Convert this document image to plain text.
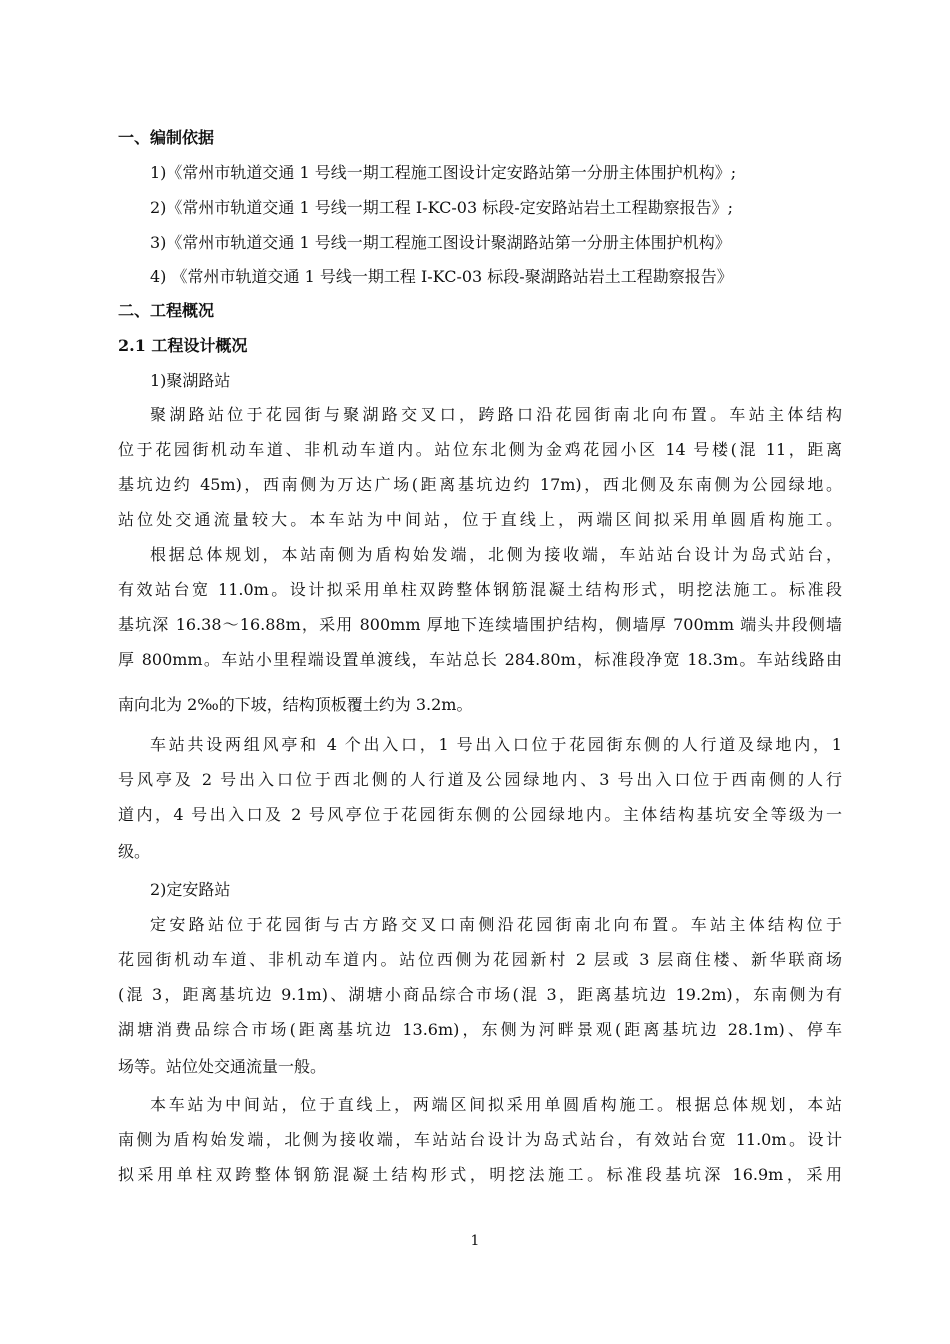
一、编制依据
1)《常州市轨道交通 1 号线一期工程施工图设计定安路站第一分册主体围护机构》;
2)《常州市轨道交通 1 号线一期工程 I-KC-03 标段-定安路站岩土工程勘察报告》;
3)《常州市轨道交通 1 号线一期工程施工图设计聚湖路站第一分册主体围护机构》
4) 《常州市轨道交通 1 号线一期工程 I-KC-03 标段-聚湖路站岩土工程勘察报告》
二、工程概况
2.1 工程设计概况
1)聚湖路站
聚湖路站位于花园街与聚湖路交叉口，跨路口沿花园街南北向布置。车站主体结构
位于花园街机动车道、非机动车道内。站位东北侧为金鸡花园小区 14 号楼(混 11，距离
基坑边约 45m)，西南侧为万达广场(距离基坑边约 17m)，西北侧及东南侧为公园绿地。
站位处交通流量较大。本车站为中间站，位于直线上，两端区间拟采用单圆盾构施工。
根据总体规划，本站南侧为盾构始发端，北侧为接收端，车站站台设计为岛式站台，
有效站台宽 11.0m。设计拟采用单柱双跨整体钢筋混凝土结构形式，明挖法施工。标准段
基坑深 16.38～16.88m，采用 800mm 厚地下连续墙围护结构，侧墙厚 700mm 端头井段侧墙
厚 800mm。车站小里程端设置单渡线，车站总长 284.80m，标准段净宽 18.3m。车站线路由
南向北为 2‰的下坡，结构顶板覆土约为 3.2m。
车站共设两组风亭和 4 个出入口，1 号出入口位于花园街东侧的人行道及绿地内，1
号风亭及 2 号出入口位于西北侧的人行道及公园绿地内、3 号出入口位于西南侧的人行
道内，4 号出入口及 2 号风亭位于花园街东侧的公园绿地内。主体结构基坑安全等级为一
级。
2)定安路站
定安路站位于花园街与古方路交叉口南侧沿花园街南北向布置。车站主体结构位于
花园街机动车道、非机动车道内。站位西侧为花园新村 2 层或 3 层商住楼、新华联商场
(混 3，距离基坑边 9.1m)、湖塘小商品综合市场(混 3，距离基坑边 19.2m)，东南侧为有
湖塘消费品综合市场(距离基坑边 13.6m)，东侧为河畔景观(距离基坑边 28.1m)、停车
场等。站位处交通流量一般。
本车站为中间站，位于直线上，两端区间拟采用单圆盾构施工。根据总体规划，本站
南侧为盾构始发端，北侧为接收端，车站站台设计为岛式站台，有效站台宽 11.0m。设计
拟采用单柱双跨整体钢筋混凝土结构形式，明挖法施工。标准段基坑深 16.9m，采用
1
